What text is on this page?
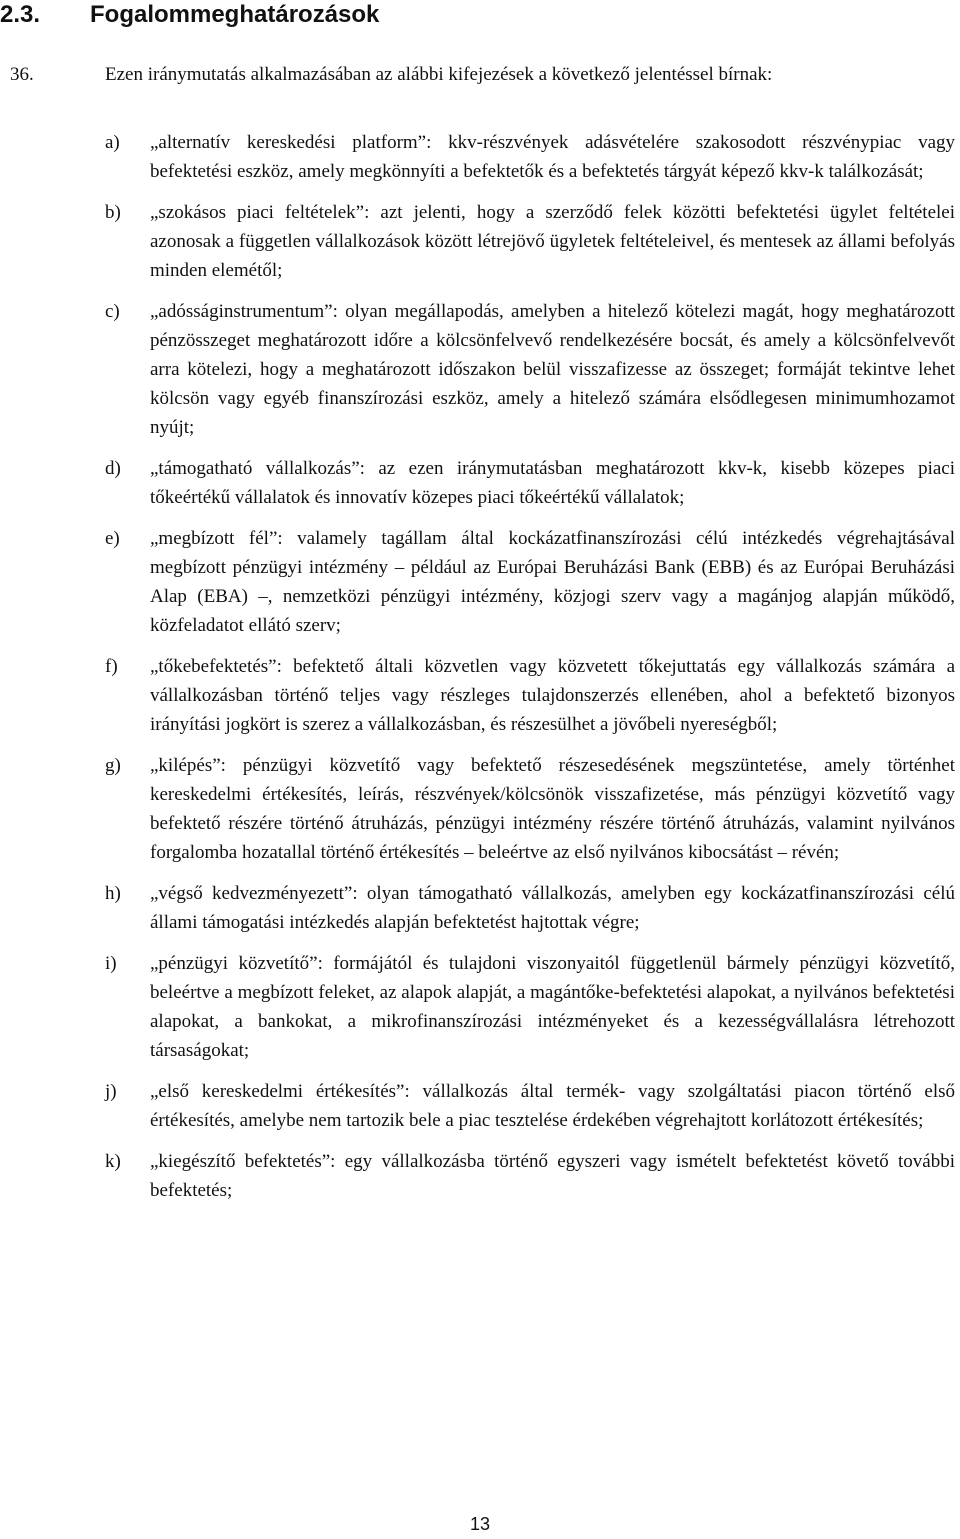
2.3. Fogalommeghatározások
36.	Ezen iránymutatás alkalmazásában az alábbi kifejezések a következő jelentéssel bírnak:
a) „alternatív kereskedési platform”: kkv-részvények adásvételére szakosodott részvénypiac vagy befektetési eszköz, amely megkönnyíti a befektetők és a befektetés tárgyát képező kkv-k találkozását;
b) „szokásos piaci feltételek”: azt jelenti, hogy a szerződő felek közötti befektetési ügylet feltételei azonosak a független vállalkozások között létrejövő ügyletek feltételeivel, és mentesek az állami befolyás minden elemétől;
c) „adósságinstrumentum”: olyan megállapodás, amelyben a hitelező kötelezi magát, hogy meghatározott pénzösszeget meghatározott időre a kölcsönfelvevő rendelkezésére bocsát, és amely a kölcsönfelvevőt arra kötelezi, hogy a meghatározott időszakon belül visszafizesse az összeget; formáját tekintve lehet kölcsön vagy egyéb finanszírozási eszköz, amely a hitelező számára elsődlegesen minimumhozamot nyújt;
d) „támogatható vállalkozás”: az ezen iránymutatásban meghatározott kkv-k, kisebb közepes piaci tőkeértékű vállalatok és innovatív közepes piaci tőkeértékű vállalatok;
e) „megbízott fél”: valamely tagállam által kockázatfinanszírozási célú intézkedés végrehajtásával megbízott pénzügyi intézmény – például az Európai Beruházási Bank (EBB) és az Európai Beruházási Alap (EBA) –, nemzetközi pénzügyi intézmény, közjogi szerv vagy a magánjog alapján működő, közfeladatot ellátó szerv;
f) „tőkebefektetés”: befektető általi közvetlen vagy közvetett tőkejuttatás egy vállalkozás számára a vállalkozásban történő teljes vagy részleges tulajdonszerzés ellenében, ahol a befektető bizonyos irányítási jogkört is szerez a vállalkozásban, és részesülhet a jövőbeli nyereségből;
g) „kilépés”: pénzügyi közvetítő vagy befektető részesedésének megszüntetése, amely történhet kereskedelmi értékesítés, leírás, részvények/kölcsönök visszafizetése, más pénzügyi közvetítő vagy befektető részére történő átruházás, pénzügyi intézmény részére történő átruházás, valamint nyilvános forgalomba hozatallal történő értékesítés – beleértve az első nyilvános kibocsátást – révén;
h) „végső kedvezményezett”: olyan támogatható vállalkozás, amelyben egy kockázatfinanszírozási célú állami támogatási intézkedés alapján befektetést hajtottak végre;
i) „pénzügyi közvetítő”: formájától és tulajdoni viszonyaitól függetlenül bármely pénzügyi közvetítő, beleértve a megbízott feleket, az alapok alapját, a magántőke-befektetési alapokat, a nyilvános befektetési alapokat, a bankokat, a mikrofinanszírozási intézményeket és a kezességvállalásra létrehozott társaságokat;
j) „első kereskedelmi értékesítés”: vállalkozás által termék- vagy szolgáltatási piacon történő első értékesítés, amelybe nem tartozik bele a piac tesztelése érdekében végrehajtott korlátozott értékesítés;
k) „kiegészítő befektetés”: egy vállalkozásba történő egyszeri vagy ismételt befektetést követő további befektetés;
13
